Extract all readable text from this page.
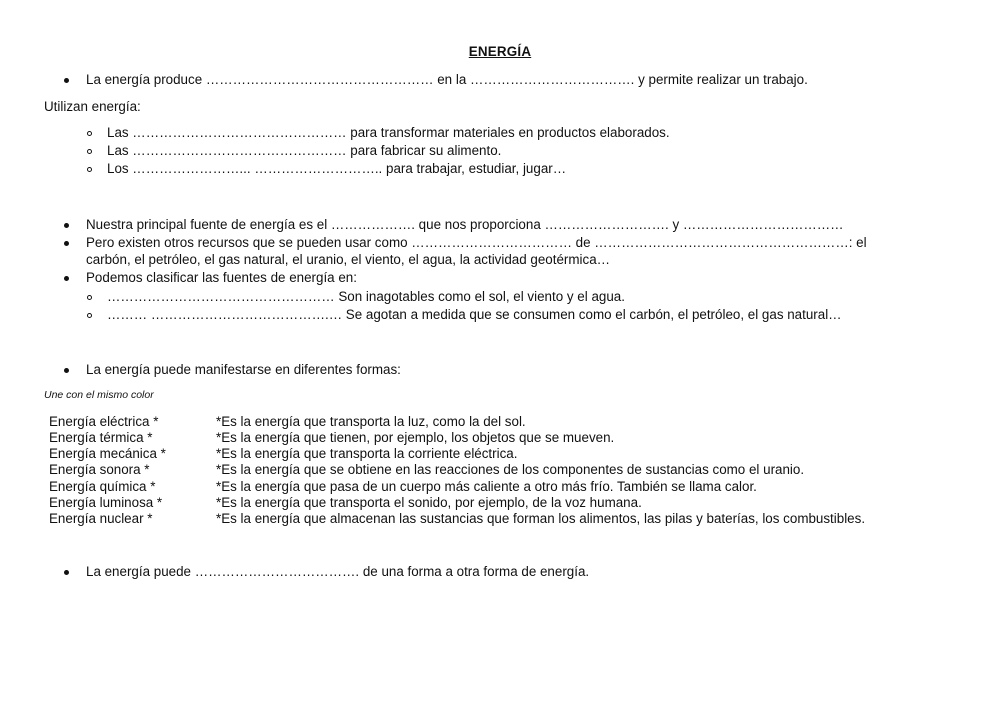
ENERGÍA
La energía produce …………………………………………… en la ………………………………. y permite realizar un trabajo.
Utilizan energía:
Las ………………………………………… para transformar materiales en productos elaborados.
Las ………………………………………… para fabricar su alimento.
Los ……………………... ……………………….. para trabajar, estudiar, jugar…
Nuestra principal fuente de energía es el ………………. que nos proporciona ………………………. y ………………………………
Pero existen otros recursos que se pueden usar como ……………………………… de …………………………………………………: el
carbón, el petróleo, el gas natural, el uranio, el viento, el agua, la actividad geotérmica…
Podemos clasificar las fuentes de energía en:
…………………………………………… Son inagotables como el sol, el viento y el agua.
……… ………………………………….… Se agotan a medida que se consumen como el carbón, el petróleo, el gas natural…
La energía puede manifestarse en diferentes formas:
Une con el mismo color
Energía eléctrica *	*Es la energía que transporta la luz, como la del sol.
Energía térmica *	*Es la energía que tienen, por ejemplo, los objetos que se mueven.
Energía mecánica *	*Es la energía que transporta la corriente eléctrica.
Energía sonora *	*Es la energía que se obtiene en las reacciones de los componentes de sustancias como el uranio.
Energía química *	*Es la energía que pasa de un cuerpo más caliente a otro más frío. También se llama calor.
Energía luminosa *	*Es la energía que transporta el sonido, por ejemplo, de la voz humana.
Energía nuclear *	*Es la energía que almacenan las sustancias que forman los alimentos, las pilas y baterías, los combustibles.
La energía puede ………………………………. de una forma a otra forma de energía.
